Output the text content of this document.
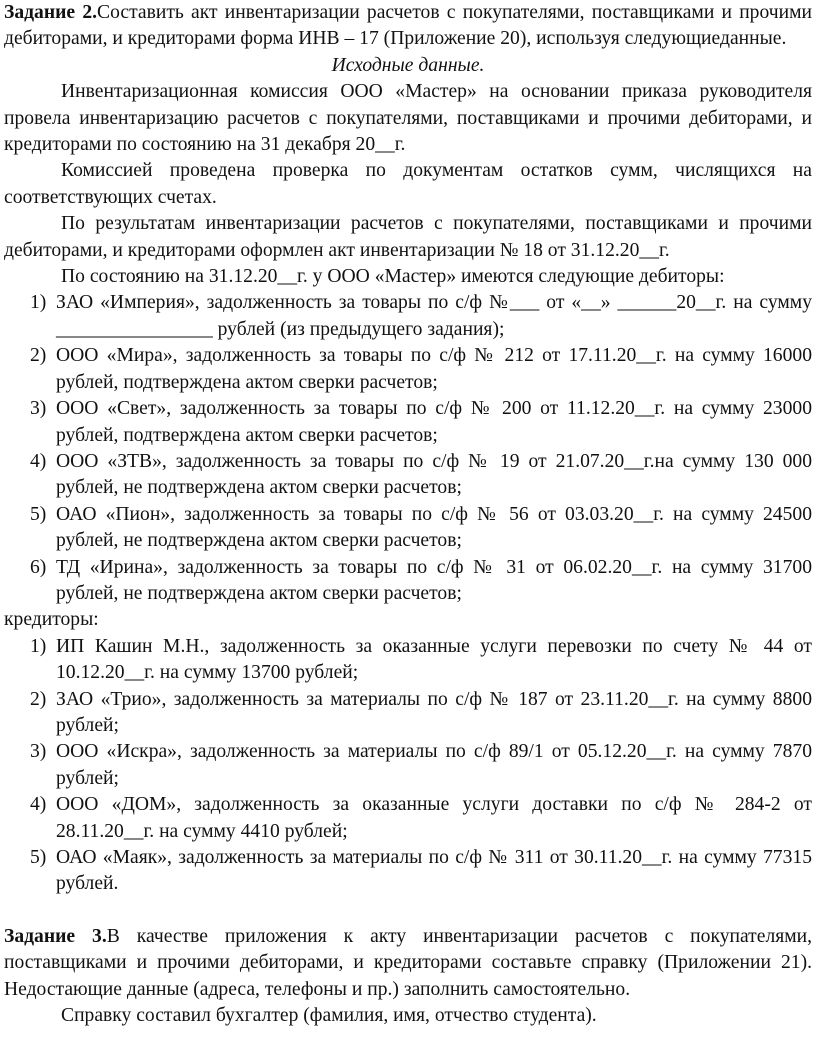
Задание 2.Составить акт инвентаризации расчетов с покупателями, поставщиками и прочими дебиторами, и кредиторами форма ИНВ – 17 (Приложение 20), используя следующиеданные.

Исходные данные.

Инвентаризационная комиссия ООО «Мастер» на основании приказа руководителя провела инвентаризацию расчетов с покупателями, поставщиками и прочими дебиторами, и кредиторами по состоянию на 31 декабря 20__г.

Комиссией проведена проверка по документам остатков сумм, числящихся на соответствующих счетах.

По результатам инвентаризации расчетов с покупателями, поставщиками и прочими дебиторами, и кредиторами оформлен акт инвентаризации № 18 от 31.12.20__г.

По состоянию на 31.12.20__г. у ООО «Мастер» имеются следующие дебиторы:

1) ЗАО «Империя», задолженность за товары по с/ф №___ от «__» ______20__г. на сумму ________________ рублей (из предыдущего задания);
2) ООО «Мира», задолженность за товары по с/ф № 212 от 17.11.20__г. на сумму 16000 рублей, подтверждена актом сверки расчетов;
3) ООО «Свет», задолженность за товары по с/ф № 200 от 11.12.20__г. на сумму 23000 рублей, подтверждена актом сверки расчетов;
4) ООО «ЗТВ», задолженность за товары по с/ф № 19 от 21.07.20__г.на сумму 130 000 рублей, не подтверждена актом сверки расчетов;
5) ОАО «Пион», задолженность за товары по с/ф № 56 от 03.03.20__г. на сумму 24500 рублей, не подтверждена актом сверки расчетов;
6) ТД «Ирина», задолженность за товары по с/ф № 31 от 06.02.20__г. на сумму 31700 рублей, не подтверждена актом сверки расчетов;

кредиторы:

1) ИП Кашин М.Н., задолженность за оказанные услуги перевозки по счету № 44 от 10.12.20__г. на сумму 13700 рублей;
2) ЗАО «Трио», задолженность за материалы по с/ф № 187 от 23.11.20__г. на сумму 8800 рублей;
3) ООО «Искра», задолженность за материалы по с/ф 89/1 от 05.12.20__г. на сумму 7870 рублей;
4) ООО «ДОМ», задолженность за оказанные услуги доставки по с/ф № 284-2 от 28.11.20__г. на сумму 4410 рублей;
5) ОАО «Маяк», задолженность за материалы по с/ф № 311 от 30.11.20__г. на сумму 77315 рублей.

Задание 3.В качестве приложения к акту инвентаризации расчетов с покупателями, поставщиками и прочими дебиторами, и кредиторами составьте справку (Приложении 21). Недостающие данные (адреса, телефоны и пр.) заполнить самостоятельно.

Справку составил бухгалтер (фамилия, имя, отчество студента).
